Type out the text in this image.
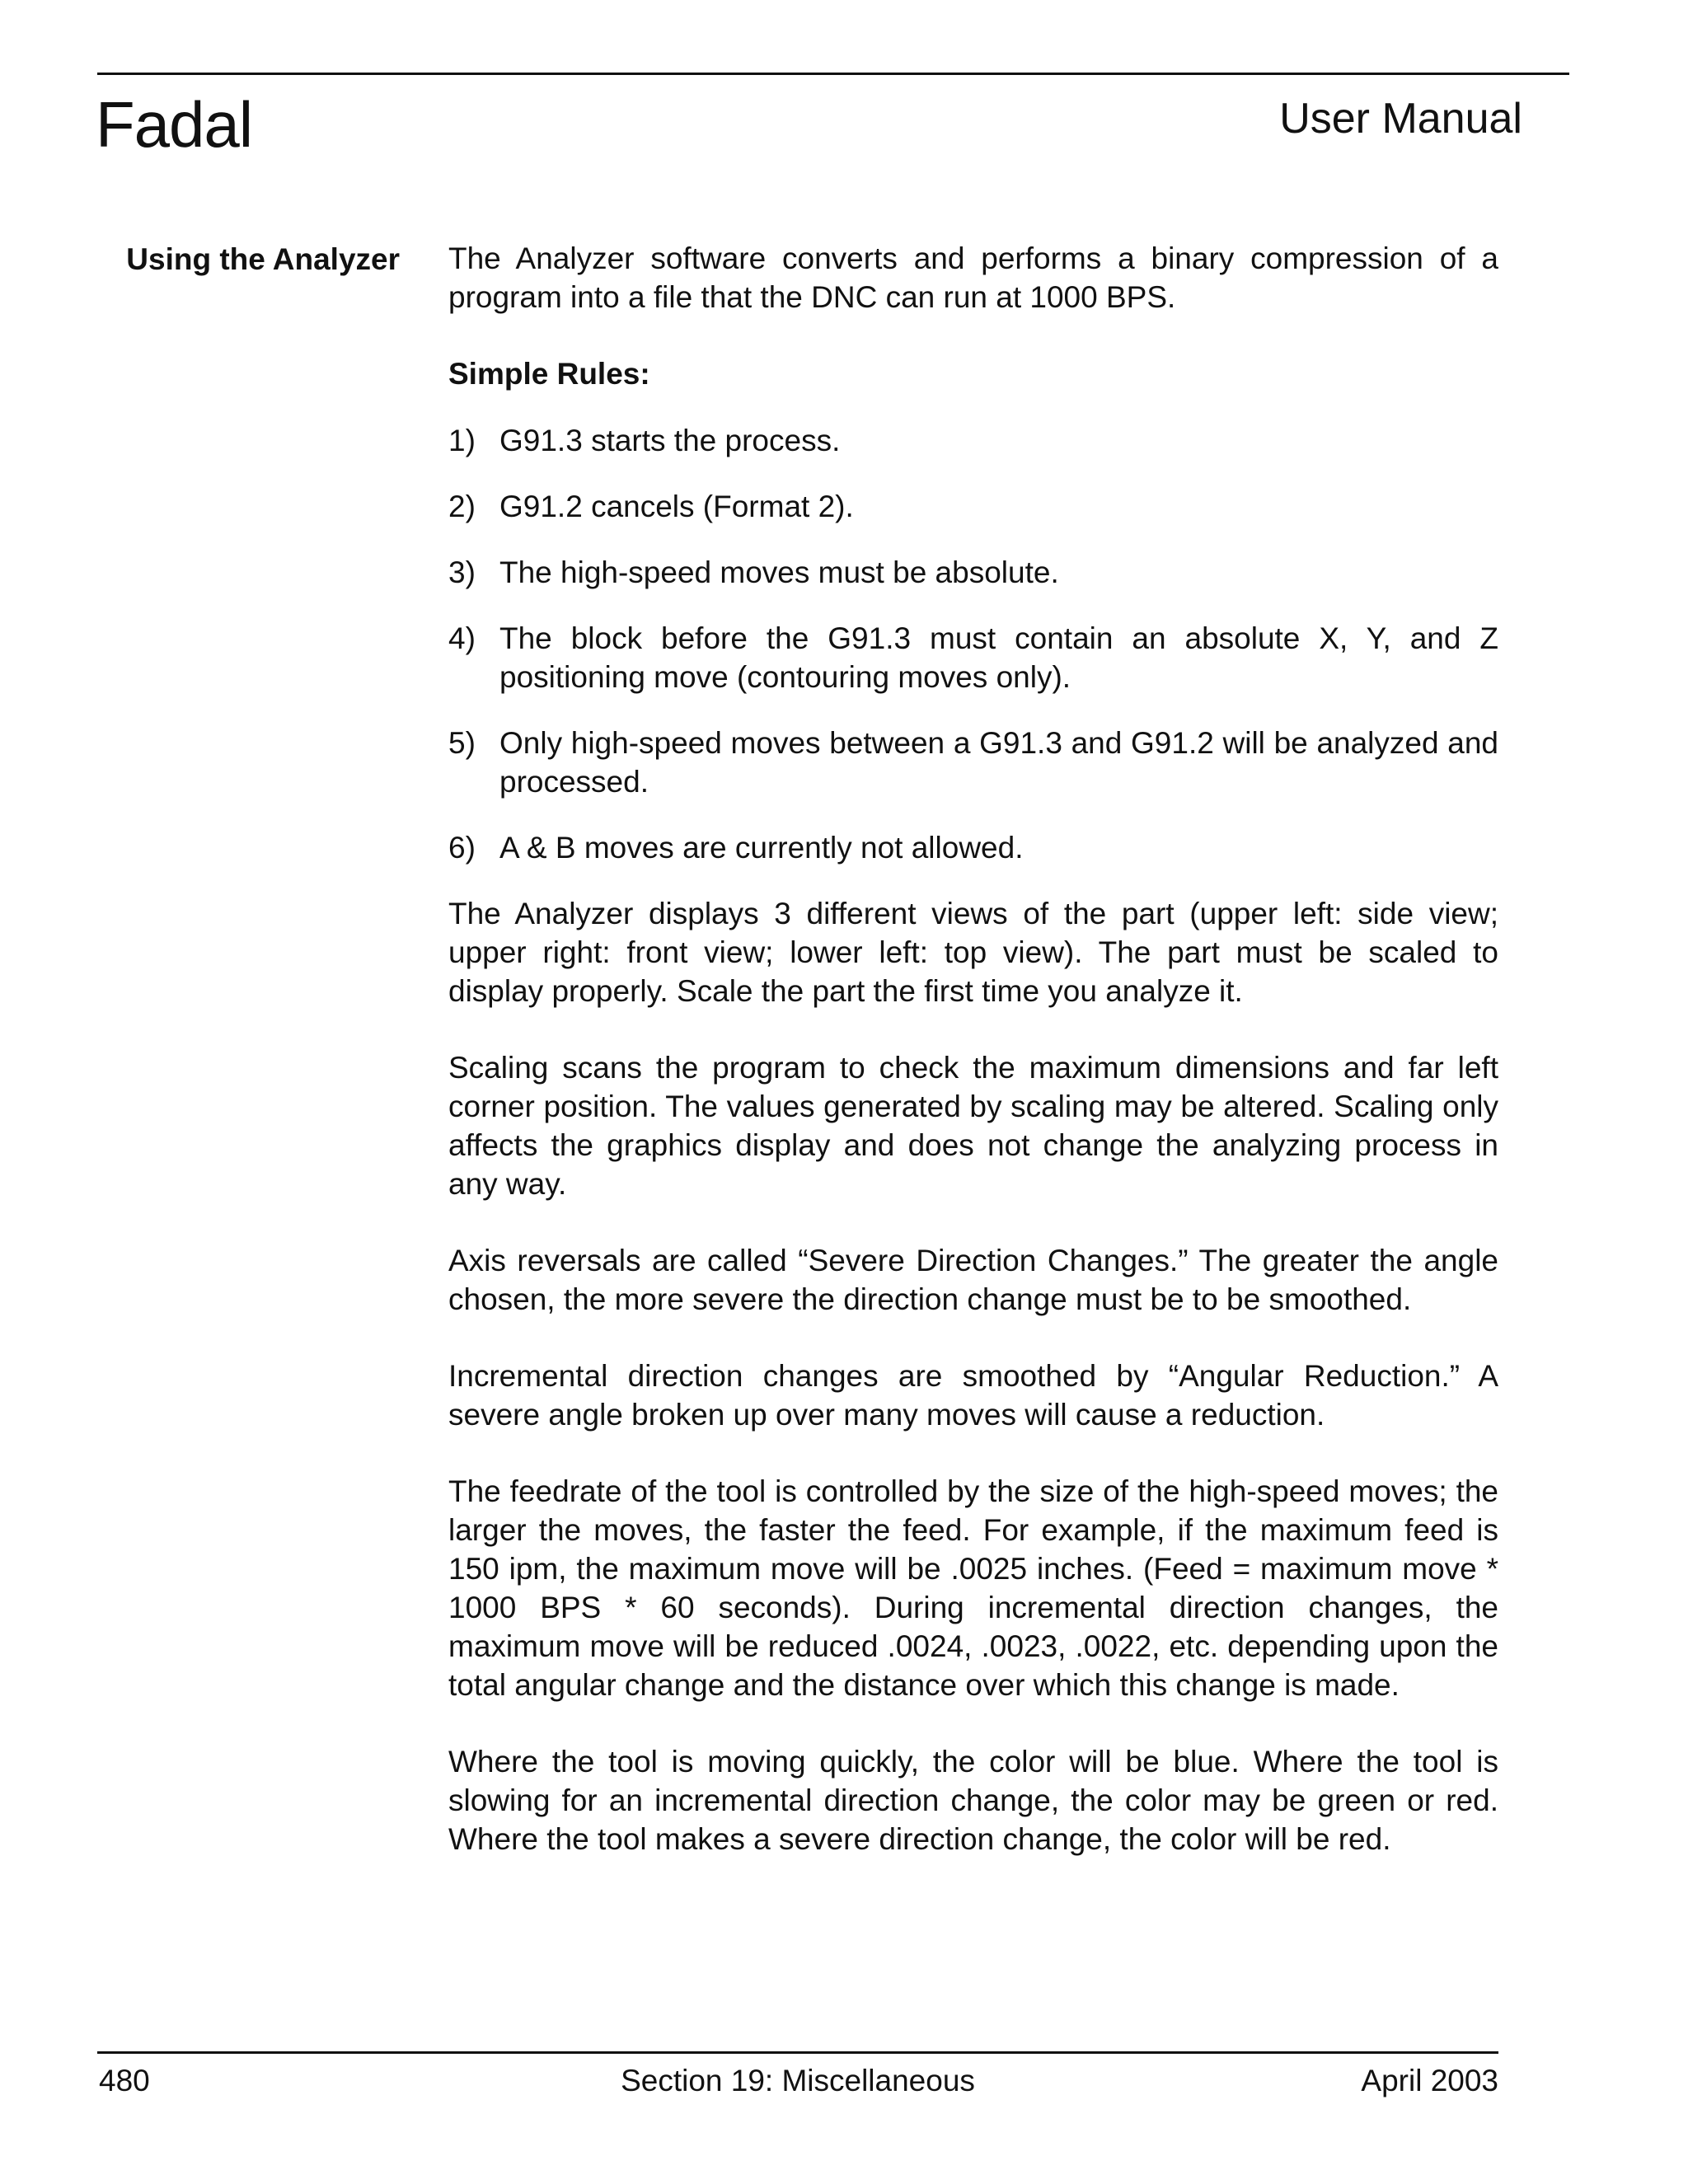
Fadal	User Manual
Using the Analyzer The Analyzer software converts and performs a binary compression of a program into a file that the DNC can run at 1000 BPS.

Simple Rules:

1) G91.3 starts the process.
2) G91.2 cancels (Format 2).
3) The high-speed moves must be absolute.
4) The block before the G91.3 must contain an absolute X, Y, and Z positioning move (contouring moves only).
5) Only high-speed moves between a G91.3 and G91.2 will be analyzed and processed.
6) A & B moves are currently not allowed.

The Analyzer displays 3 different views of the part (upper left: side view; upper right: front view; lower left: top view). The part must be scaled to display properly. Scale the part the first time you analyze it.

Scaling scans the program to check the maximum dimensions and far left corner position. The values generated by scaling may be altered. Scaling only affects the graphics display and does not change the analyzing process in any way.

Axis reversals are called “Severe Direction Changes.” The greater the angle chosen, the more severe the direction change must be to be smoothed.

Incremental direction changes are smoothed by “Angular Reduction.” A severe angle broken up over many moves will cause a reduction.

The feedrate of the tool is controlled by the size of the high-speed moves; the larger the moves, the faster the feed. For example, if the maximum feed is 150 ipm, the maximum move will be .0025 inches. (Feed = maximum move * 1000 BPS * 60 seconds). During incremental direction changes, the maximum move will be reduced .0024, .0023, .0022, etc. depending upon the total angular change and the distance over which this change is made.

Where the tool is moving quickly, the color will be blue. Where the tool is slowing for an incremental direction change, the color may be green or red. Where the tool makes a severe direction change, the color will be red.

480	Section 19: Miscellaneous	April 2003
